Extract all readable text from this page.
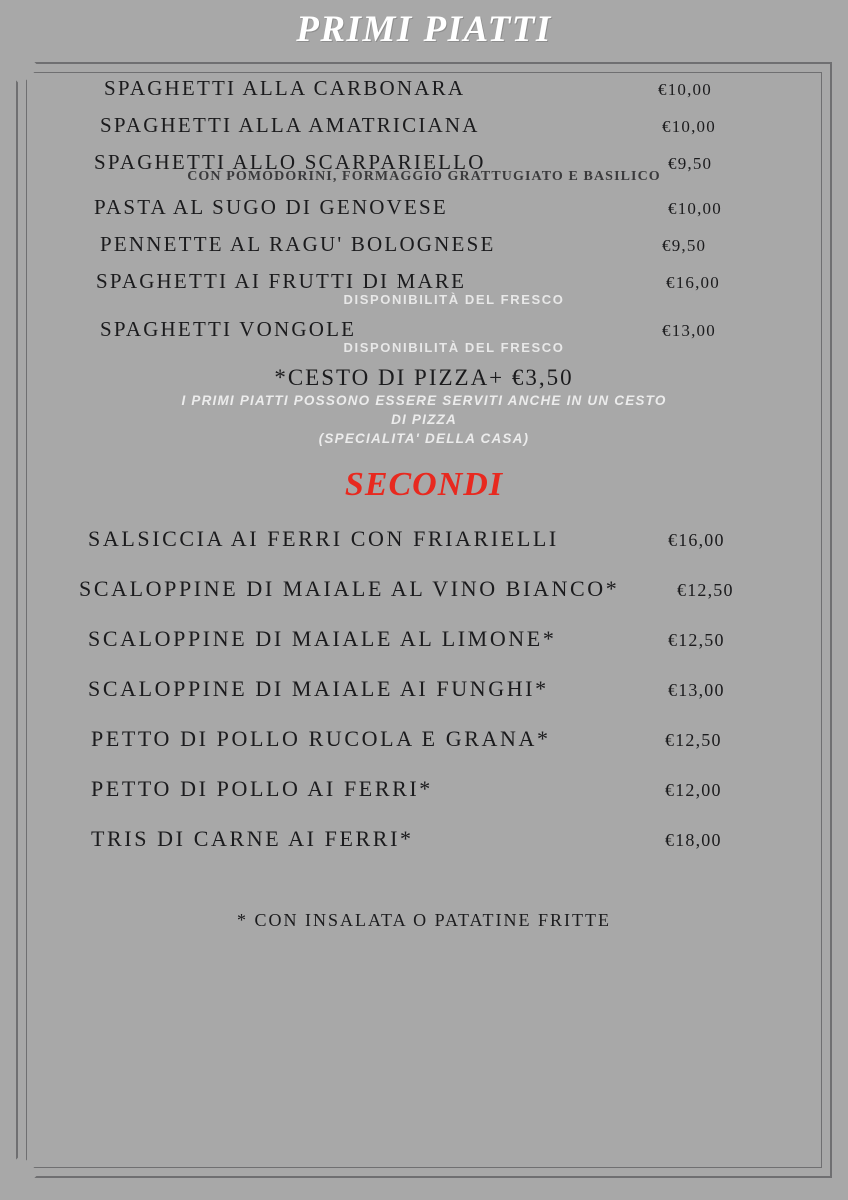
PRIMI PIATTI
SPAGHETTI ALLA CARBONARA	€10,00
SPAGHETTI ALLA AMATRICIANA	€10,00
SPAGHETTI ALLO SCARPARIELLO	€9,50
CON POMODORINI, FORMAGGIO GRATTUGIATO E BASILICO
PASTA AL SUGO DI GENOVESE	€10,00
PENNETTE AL RAGU' BOLOGNESE	€9,50
SPAGHETTI AI FRUTTI DI MARE	€16,00
DISPONIBILITÀ DEL FRESCO
SPAGHETTI VONGOLE	€13,00
DISPONIBILITÀ DEL FRESCO
*CESTO DI PIZZA+ €3,50
I PRIMI PIATTI POSSONO ESSERE SERVITI ANCHE IN UN CESTO
DI PIZZA
(SPECIALITA' DELLA CASA)
SECONDI
SALSICCIA AI FERRI CON FRIARIELLI	€16,00
SCALOPPINE DI MAIALE AL VINO BIANCO*	€12,50
SCALOPPINE DI MAIALE AL LIMONE*	€12,50
SCALOPPINE DI MAIALE AI FUNGHI*	€13,00
PETTO DI POLLO RUCOLA E GRANA*	€12,50
PETTO DI POLLO AI FERRI*	€12,00
TRIS DI CARNE AI FERRI*	€18,00
* CON INSALATA O PATATINE FRITTE
